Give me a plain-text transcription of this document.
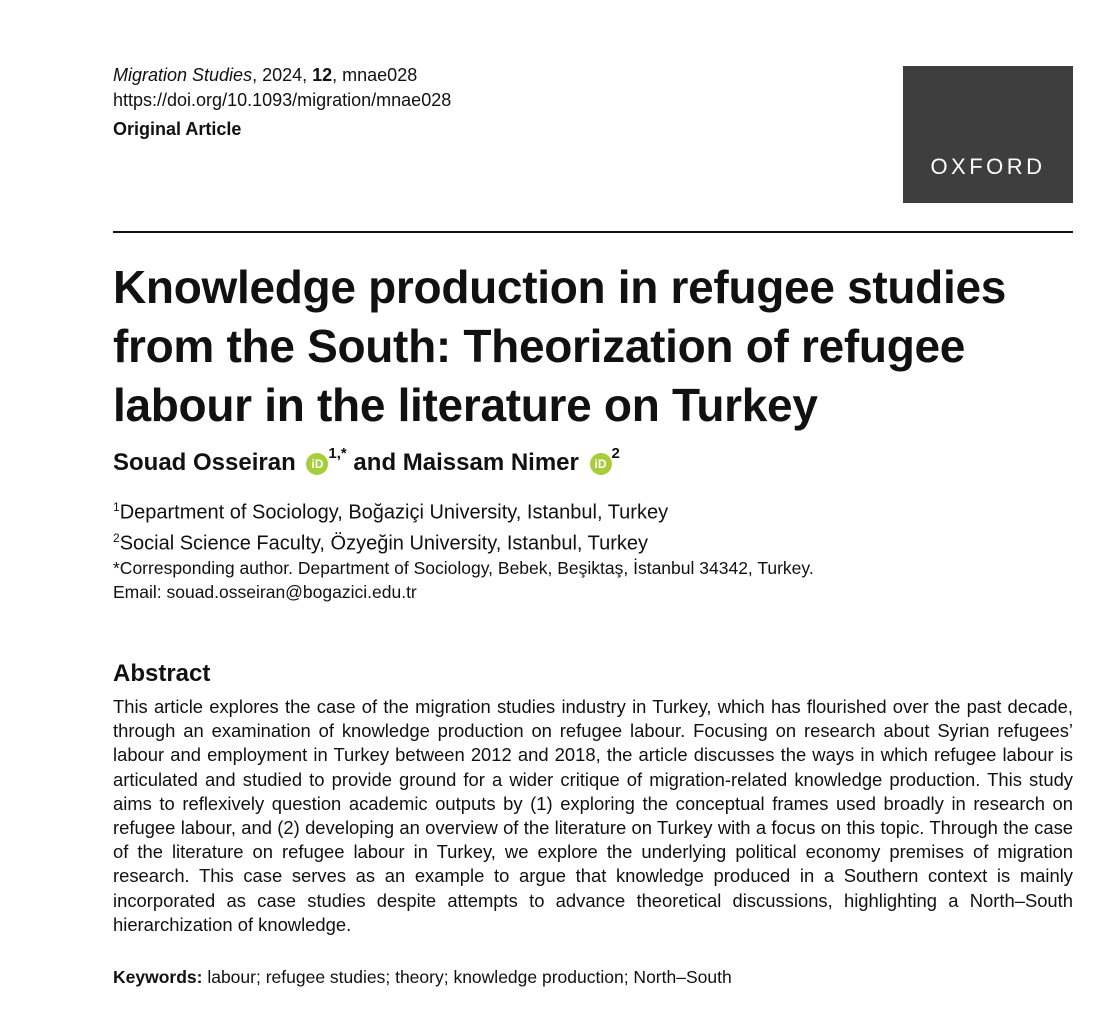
Migration Studies, 2024, 12, mnae028
https://doi.org/10.1093/migration/mnae028
Original Article
OXFORD
Knowledge production in refugee studies from the South: Theorization of refugee labour in the literature on Turkey
Souad Osseiran $iD^{1,*}$ and Maissam Nimer $iD^2$
$^1$Department of Sociology, Boğaziçi University, Istanbul, Turkey
$^2$Social Science Faculty, Özyeğin University, Istanbul, Turkey
*Corresponding author. Department of Sociology, Bebek, Beşiktaş, İstanbul 34342, Turkey.
Email: souad.osseiran@bogazici.edu.tr
Abstract
This article explores the case of the migration studies industry in Turkey, which has flourished over the past decade, through an examination of knowledge production on refugee labour. Focusing on research about Syrian refugees’ labour and employment in Turkey between 2012 and 2018, the article discusses the ways in which refugee labour is articulated and studied to provide ground for a wider critique of migration-related knowledge production. This study aims to reflexively question academic outputs by (1) exploring the conceptual frames used broadly in research on refugee labour, and (2) developing an overview of the literature on Turkey with a focus on this topic. Through the case of the literature on refugee labour in Turkey, we explore the underlying political economy premises of migration research. This case serves as an example to argue that knowledge produced in a Southern context is mainly incorporated as case studies despite attempts to advance theoretical discussions, highlighting a North–South hierarchization of knowledge.
Keywords: labour; refugee studies; theory; knowledge production; North–South
